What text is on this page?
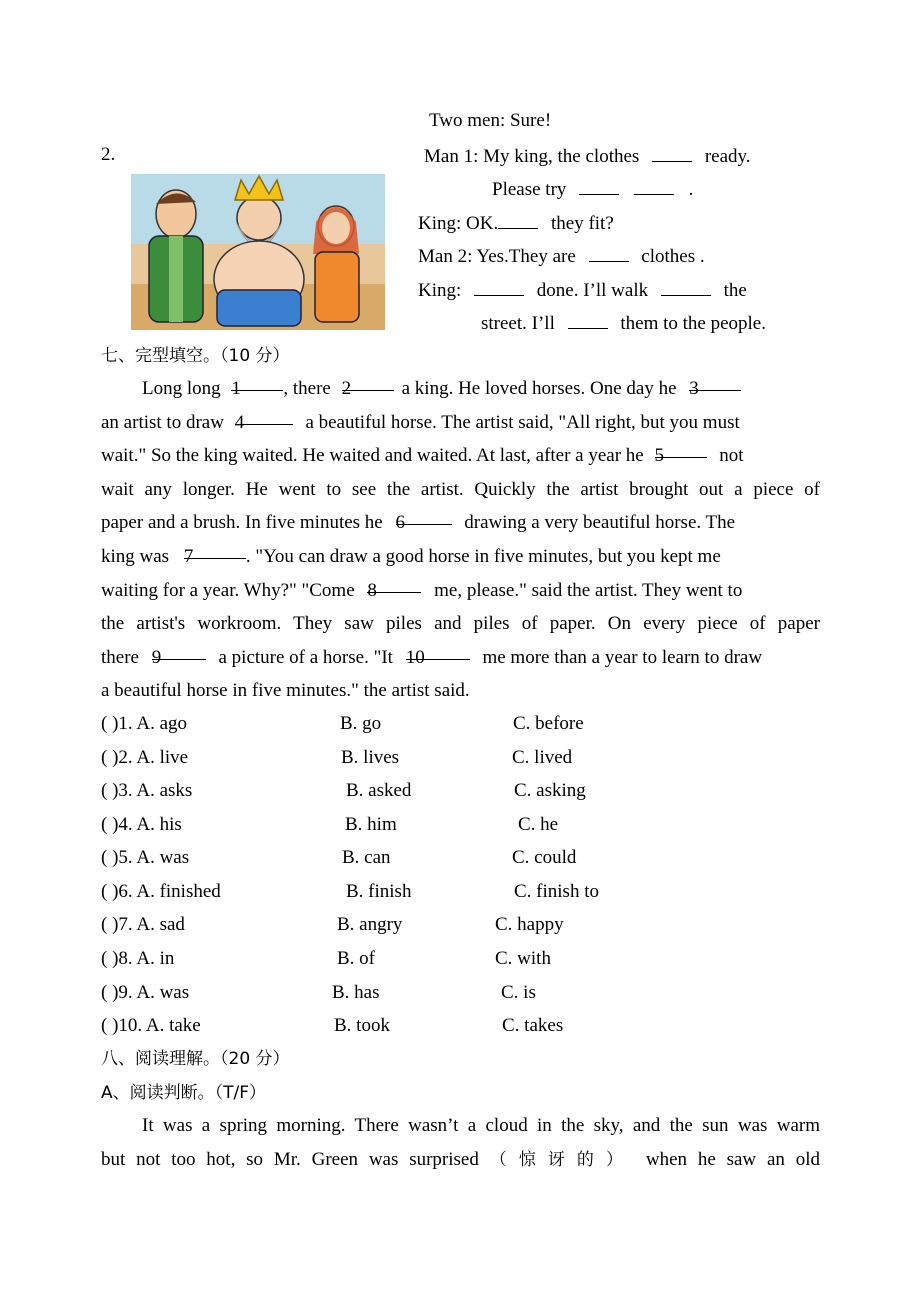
Two men: Sure!
2.	Man 1: My king, the clothes	ready.
Please try	.
King: OK.	they fit?
Man 2: Yes.They are	clothes .
King:	done. I’ll walk	the
street. I’ll	them to the people.
七、完型填空。（10 分）
Long long 1 , there 2	a king. He loved horses. One day he 3
an artist to draw 4	a beautiful horse. The artist said, "All right, but you must
wait." So the king waited. He waited and waited. At last, after a year he 5	not
wait any longer. He went to see the artist. Quickly the artist brought out a piece of
paper and a brush. In five minutes he 6	drawing a very beautiful horse. The
king was 7	. "You can draw a good horse in five minutes, but you kept me
waiting for a year. Why?" "Come 8	me, please." said the artist. They went to
the artist's workroom. They saw piles and piles of paper. On every piece of paper
there 9	a picture of a horse. "It 10	me more than a year to learn to draw
a beautiful horse in five minutes." the artist said.
( )1. A. ago	B. go	C. before
( )2. A. live	B. lives	C. lived
( )3. A. asks	B. asked	C. asking
( )4. A. his	B. him	C. he
( )5. A. was	B. can	C. could
( )6. A. finished	B. finish	C. finish to
( )7. A. sad	B. angry	C. happy
( )8. A. in	B. of	C. with
( )9. A. was	B. has	C. is
( )10. A. take	B. took	C. takes
八、阅读理解。（20 分）
A、阅读判断。（T/F）
It was a spring morning. There wasn’t a cloud in the sky, and the sun was warm
but not too hot, so Mr. Green was surprised （惊讶的） when he saw an old
